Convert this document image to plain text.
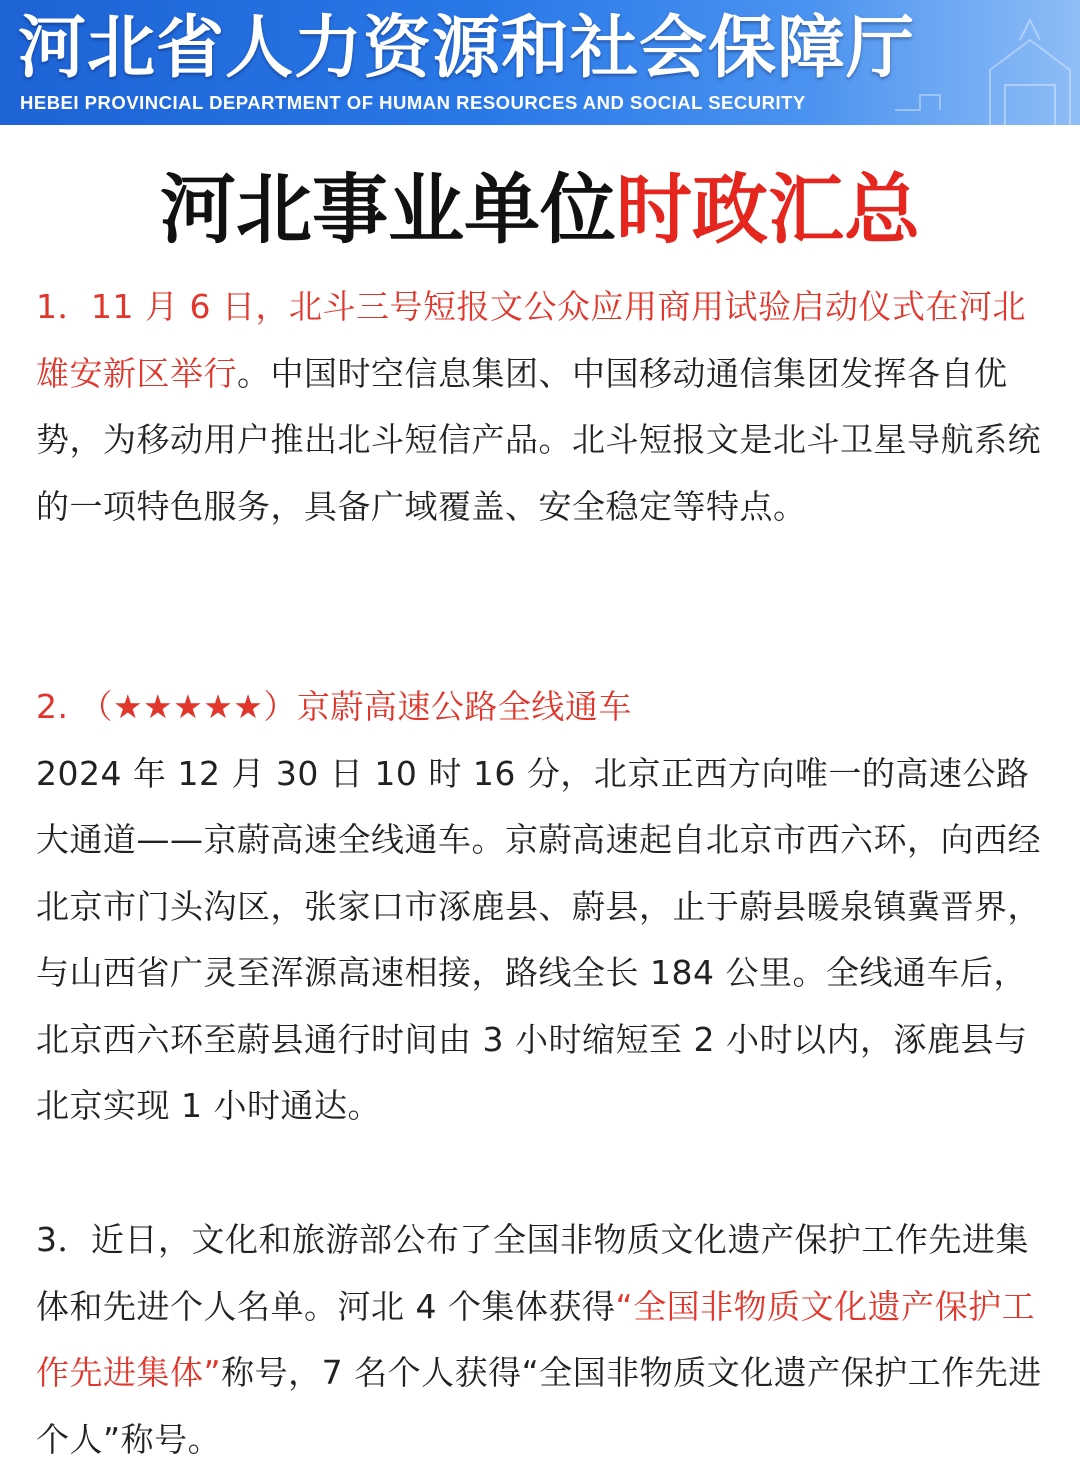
河北省人力资源和社会保障厅
HEBEI PROVINCIAL DEPARTMENT OF HUMAN RESOURCES AND SOCIAL SECURITY
河北事业单位时政汇总
1．11 月 6 日，北斗三号短报文公众应用商用试验启动仪式在河北雄安新区举行。中国时空信息集团、中国移动通信集团发挥各自优势，为移动用户推出北斗短信产品。北斗短报文是北斗卫星导航系统的一项特色服务，具备广域覆盖、安全稳定等特点。
2. （★★★★★）京蔚高速公路全线通车
2024 年 12 月 30 日 10 时 16 分，北京正西方向唯一的高速公路大通道——京蔚高速全线通车。京蔚高速起自北京市西六环，向西经北京市门头沟区，张家口市涿鹿县、蔚县，止于蔚县暖泉镇冀晋界，与山西省广灵至浑源高速相接，路线全长 184 公里。全线通车后，北京西六环至蔚县通行时间由 3 小时缩短至 2 小时以内，涿鹿县与北京实现 1 小时通达。
3．近日，文化和旅游部公布了全国非物质文化遗产保护工作先进集体和先进个人名单。河北 4 个集体获得“全国非物质文化遗产保护工作先进集体”称号，7 名个人获得“全国非物质文化遗产保护工作先进个人”称号。
